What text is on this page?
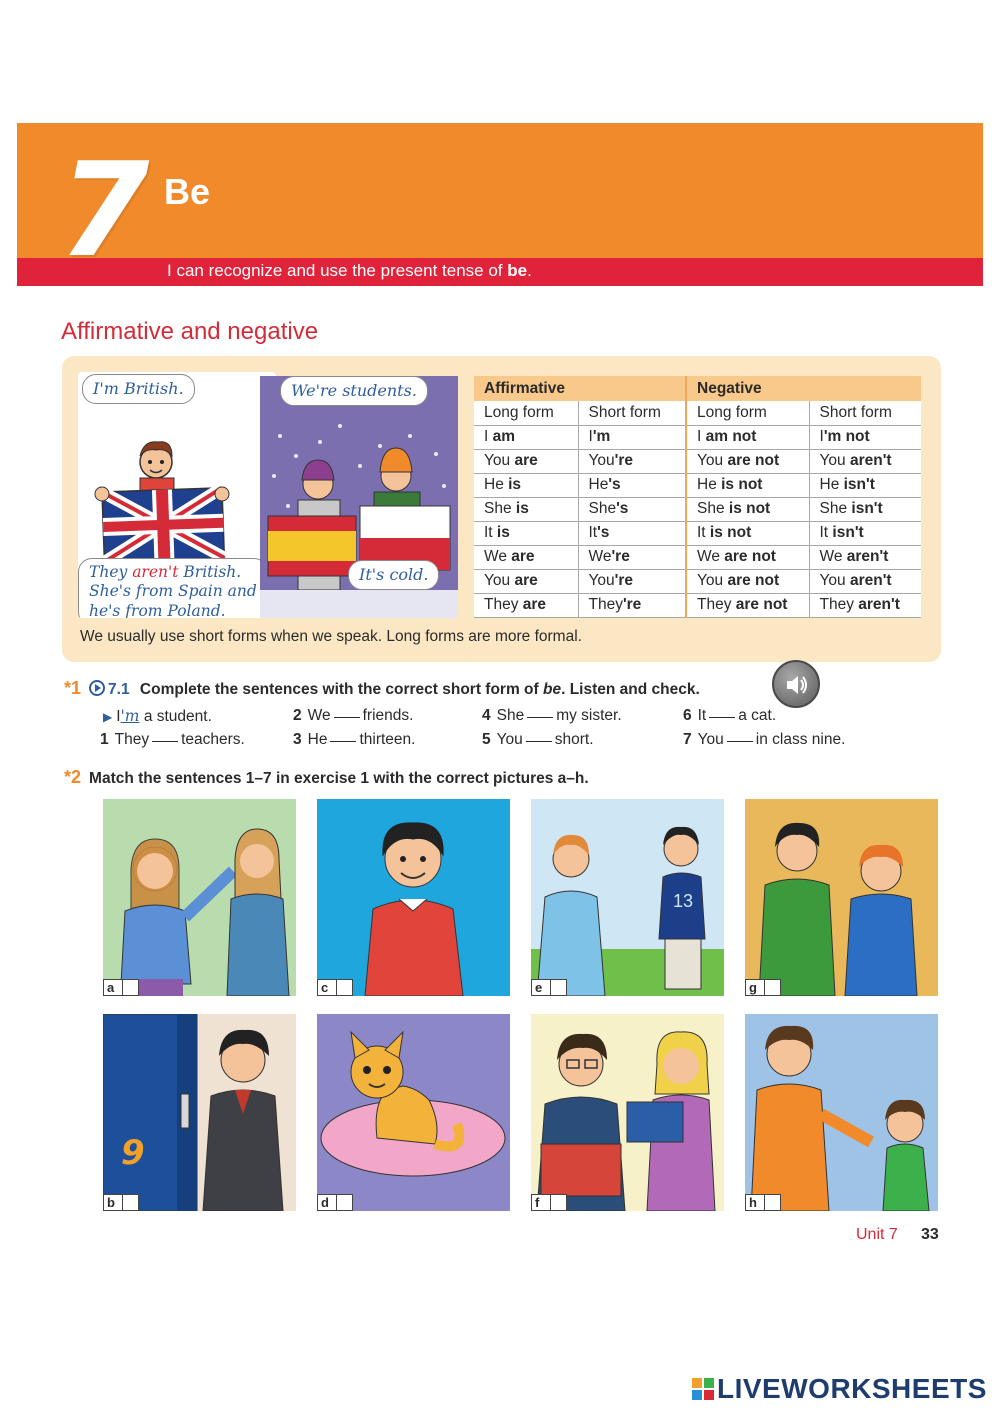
7 Be
I can recognize and use the present tense of be.
Affirmative and negative
I'm British.
They aren't British.
She's from Spain and
he's from Poland.
We're students.
It's cold.
Affirmative		Negative	
Long form	Short form	Long form	Short form
I am	I'm	I am not	I'm not
You are	You're	You are not	You aren't
He is	He's	He is not	He isn't
She is	She's	She is not	She isn't
It is	It's	It is not	It isn't
We are	We're	We are not	We aren't
You are	You're	You are not	You aren't
They are	They're	They are not	They aren't
We usually use short forms when we speak. Long forms are more formal.
*1 7.1 Complete the sentences with the correct short form of be. Listen and check.
▶ I'm a student.
1 They teachers.
2 We friends.
3 He thirteen.
4 She my sister.
5 You short.
6 It a cat.
7 You in class nine.
*2 Match the sentences 1–7 in exercise 1 with the correct pictures a–h.
a	c
13
e	g
9
b	d	f	h
Unit 7 33
LIVEWORKSHEETS
